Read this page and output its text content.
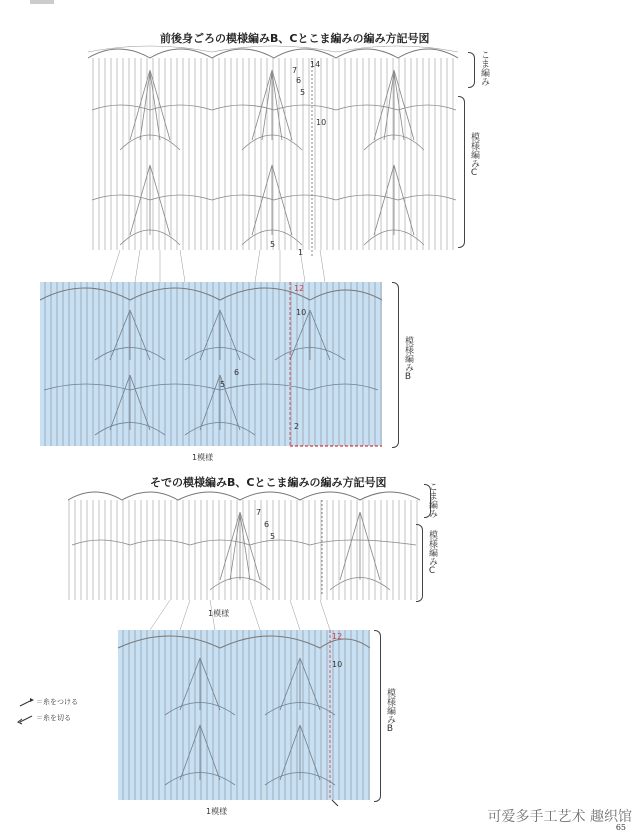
前後身ごろの模様編みB、Cとこま編みの編み方記号図
こま編み
模様編みC
模様編みB
1模様
14
7
6
5
10
5
1
12
10
6
5
2
そでの模様編みB、Cとこま編みの編み方記号図	こま編み
模様編みC
模様編みB
1模様
1模様
7
6
5
12
10
＝糸をつける
＝糸を切る
可爱多手工艺术 趣织馆
65
